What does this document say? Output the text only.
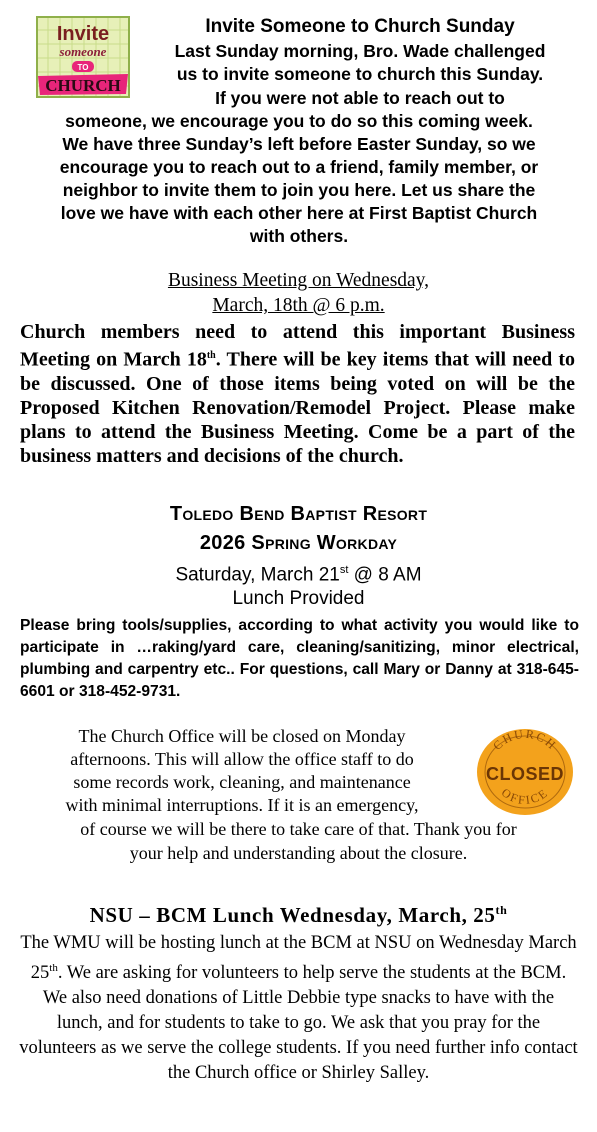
Invite
someone
TO
CHURCH

Invite Someone to Church Sunday

Last Sunday morning, Bro. Wade challenged

us to invite someone to church this Sunday.

If you were not able to reach out to

someone, we encourage you to do so this coming week.

We have three Sunday’s left before Easter Sunday, so we

encourage you to reach out to a friend, family member, or

neighbor to invite them to join you here. Let us share the

love we have with each other here at First Baptist Church

with others.

Business Meeting on Wednesday,
March, 18th @ 6 p.m.

Church members need to attend this important Business Meeting on March 18th. There will be key items that will need to be discussed. One of those items being voted on will be the Proposed Kitchen Renovation/Remodel Project. Please make plans to attend the Business Meeting. Come be a part of the business matters and decisions of the church.

Toledo Bend Baptist Resort
2026 Spring Workday
Saturday, March 21st @ 8 AM
Lunch Provided

Please bring tools/supplies, according to what activity you would like to participate in …raking/yard care, cleaning/sanitizing, minor electrical, plumbing and carpentry etc.. For questions, call Mary or Danny at 318-645-6601 or 318-452-9731.

The Church Office will be closed on Monday
afternoons. This will allow the office staff to do
some records work, cleaning, and maintenance
with minimal interruptions. If it is an emergency,
of course we will be there to take care of that. Thank you for
your help and understanding about the closure.
CHURCH
CLOSED
OFFICE
NSU – BCM Lunch Wednesday, March, 25th

The WMU will be hosting lunch at the BCM at NSU on Wednesday March 25th. We are asking for volunteers to help serve the students at the BCM. We also need donations of Little Debbie type snacks to have with the lunch, and for students to take to go. We ask that you pray for the volunteers as we serve the college students. If you need further info contact the Church office or Shirley Salley.
